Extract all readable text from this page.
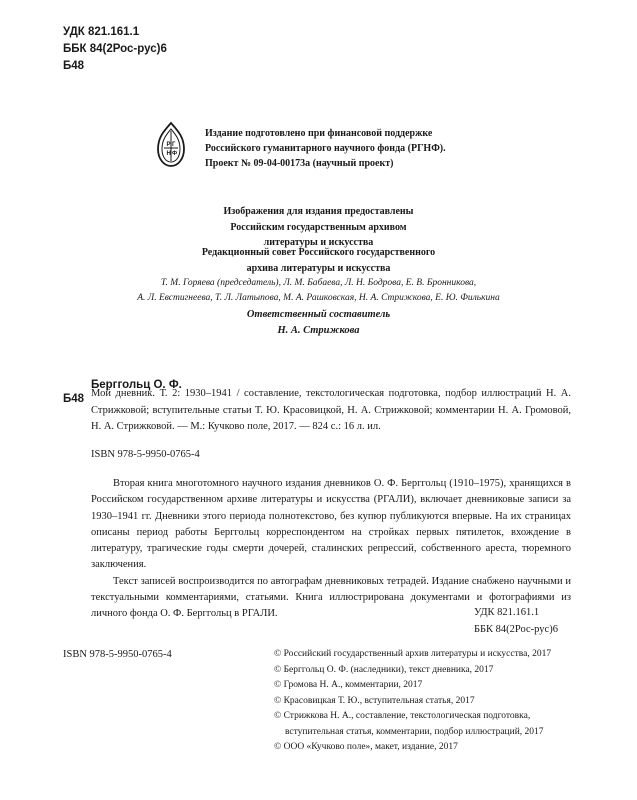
УДК 821.161.1
ББК 84(2Рос-рус)6
Б48
Р Г
Н Ф
Издание подготовлено при финансовой поддержке
Российского гуманитарного научного фонда (РГНФ).
Проект № 09-04-00173а (научный проект)
Изображения для издания предоставлены
Российским государственным архивом
литературы и искусства
Редакционный совет Российского государственного
архива литературы и искусства
Т. М. Горяева (председатель), Л. М. Бабаева, Л. Н. Бодрова, Е. В. Бронникова,
А. Л. Евстигнеева, Т. Л. Латыпова, М. А. Рашковская, Н. А. Стрижкова, Е. Ю. Филькина
Ответственный составитель
Н. А. Стрижкова
Берггольц О. Ф.
Б48 Мой дневник. Т. 2: 1930–1941 / составление, текстологическая подготовка, подбор иллюстраций Н. А. Стрижковой; вступительные статьи Т. Ю. Красовицкой, Н. А. Стрижковой; комментарии Н. А. Громовой, Н. А. Стрижковой. — М.: Кучково поле, 2017. — 824 с.: 16 л. ил.
ISBN 978-5-9950-0765-4

Вторая книга многотомного научного издания дневников О. Ф. Берггольц (1910–1975), хранящихся в Российском государственном архиве литературы и искусства (РГАЛИ), включает дневниковые записи за 1930–1941 гг. Дневники этого периода полнотекстово, без купюр публикуются впервые. На их страницах описаны период работы Берггольц корреспондентом на стройках первых пятилеток, вхождение в литературу, трагические годы смерти дочерей, сталинских репрессий, собственного ареста, тюремного заключения.

Текст записей воспроизводится по автографам дневниковых тетрадей. Издание снабжено научными и текстуальными комментариями, статьями. Книга иллюстрирована документами и фотографиями из личного фонда О. Ф. Берггольц в РГАЛИ.	УДК 821.161.1
ББК 84(2Рос-рус)6
ISBN 978-5-9950-0765-4	© Российский государственный архив литературы и искусства, 2017
© Берггольц О. Ф. (наследники), текст дневника, 2017
© Громова Н. А., комментарии, 2017
© Красовицкая Т. Ю., вступительная статья, 2017
© Стрижкова Н. А., составление, текстологическая подготовка,
вступительная статья, комментарии, подбор иллюстраций, 2017
© ООО «Кучково поле», макет, издание, 2017
